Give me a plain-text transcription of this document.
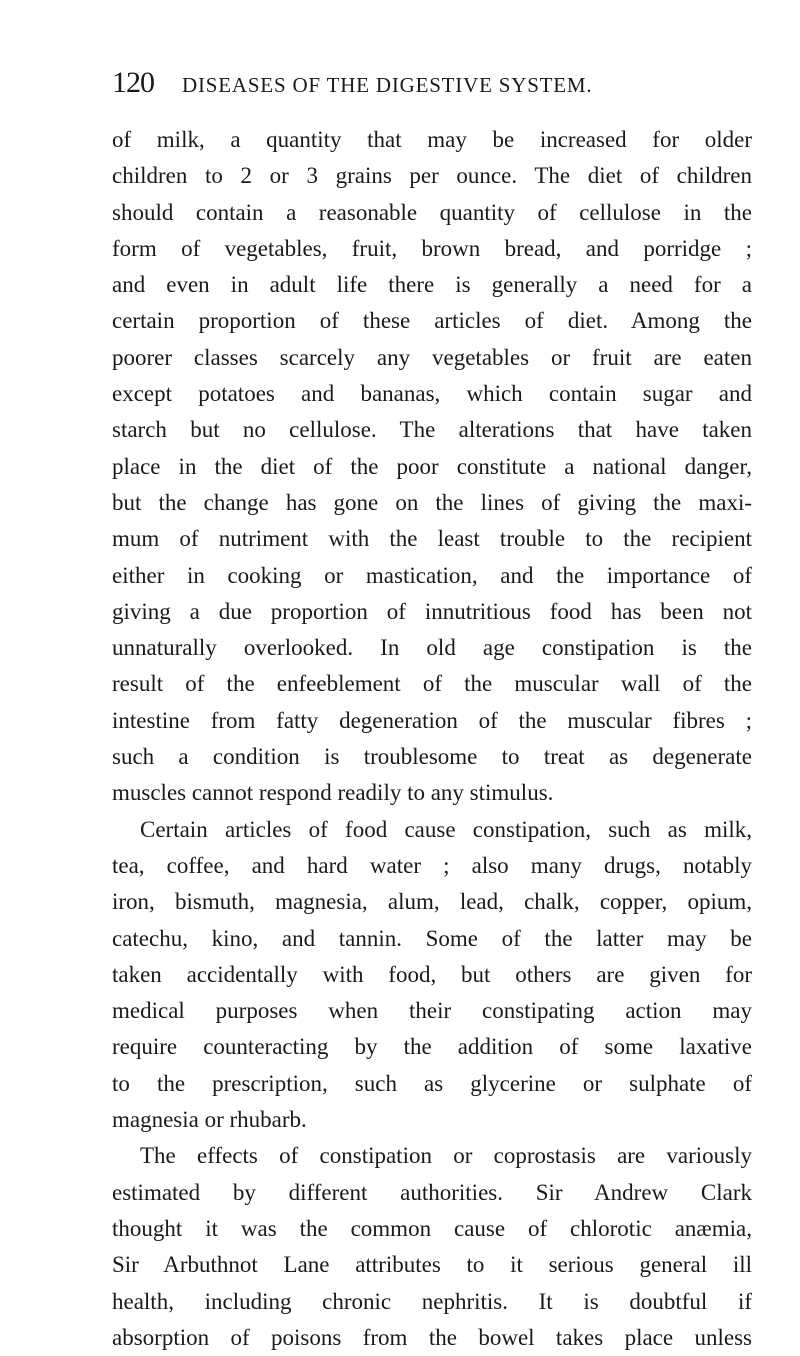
120 DISEASES OF THE DIGESTIVE SYSTEM.
of milk, a quantity that may be increased for older
children to 2 or 3 grains per ounce. The diet of children
should contain a reasonable quantity of cellulose in the
form of vegetables, fruit, brown bread, and porridge ;
and even in adult life there is generally a need for a
certain proportion of these articles of diet. Among the
poorer classes scarcely any vegetables or fruit are eaten
except potatoes and bananas, which contain sugar and
starch but no cellulose. The alterations that have taken
place in the diet of the poor constitute a national danger,
but the change has gone on the lines of giving the maxi-
mum of nutriment with the least trouble to the recipient
either in cooking or mastication, and the importance of
giving a due proportion of innutritious food has been not
unnaturally overlooked. In old age constipation is the
result of the enfeeblement of the muscular wall of the
intestine from fatty degeneration of the muscular fibres ;
such a condition is troublesome to treat as degenerate
muscles cannot respond readily to any stimulus.
Certain articles of food cause constipation, such as milk,
tea, coffee, and hard water ; also many drugs, notably
iron, bismuth, magnesia, alum, lead, chalk, copper, opium,
catechu, kino, and tannin. Some of the latter may be
taken accidentally with food, but others are given for
medical purposes when their constipating action may
require counteracting by the addition of some laxative
to the prescription, such as glycerine or sulphate of
magnesia or rhubarb.
The effects of constipation or coprostasis are variously
estimated by different authorities. Sir Andrew Clark
thought it was the common cause of chlorotic anæmia,
Sir Arbuthnot Lane attributes to it serious general ill
health, including chronic nephritis. It is doubtful if
absorption of poisons from the bowel takes place unless
